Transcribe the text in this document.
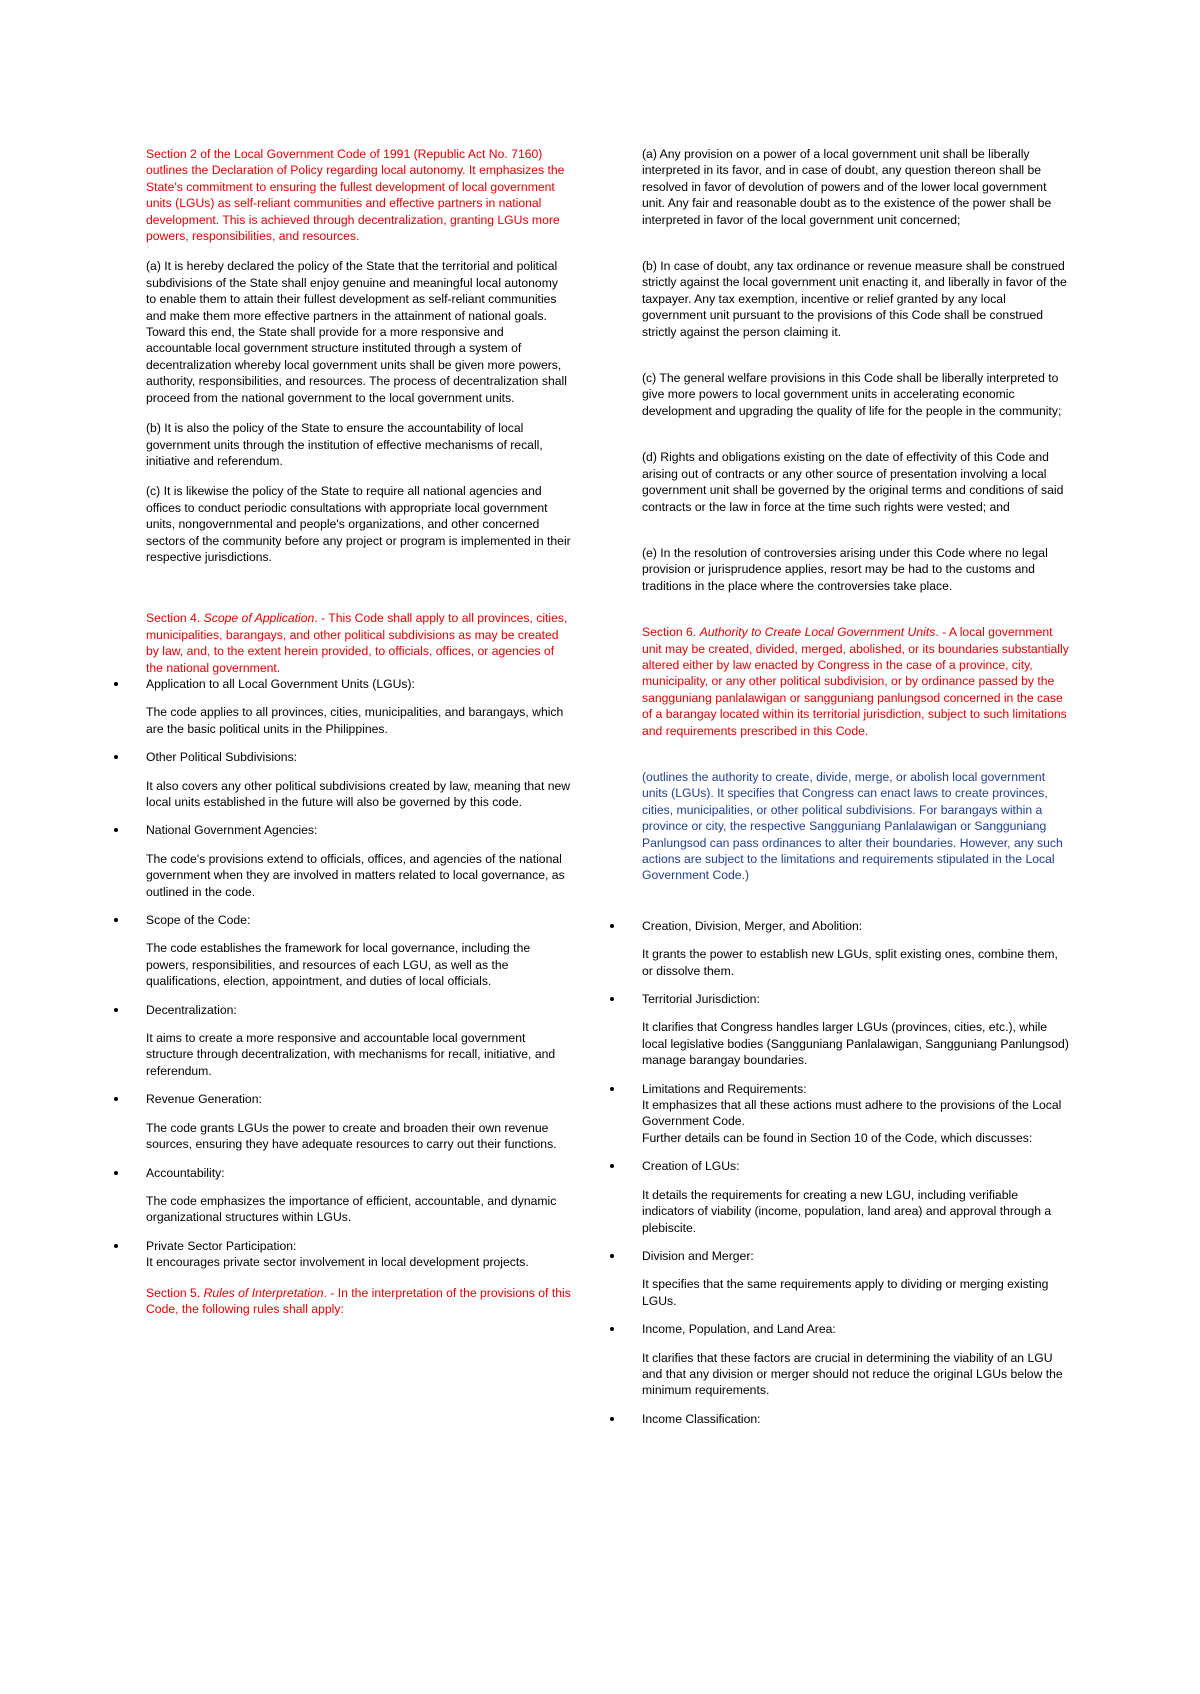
Section 2 of the Local Government Code of 1991 (Republic Act No. 7160) outlines the Declaration of Policy regarding local autonomy. It emphasizes the State's commitment to ensuring the fullest development of local government units (LGUs) as self-reliant communities and effective partners in national development. This is achieved through decentralization, granting LGUs more powers, responsibilities, and resources.

(a) It is hereby declared the policy of the State that the territorial and political subdivisions of the State shall enjoy genuine and meaningful local autonomy to enable them to attain their fullest development as self-reliant communities and make them more effective partners in the attainment of national goals. Toward this end, the State shall provide for a more responsive and accountable local government structure instituted through a system of decentralization whereby local government units shall be given more powers, authority, responsibilities, and resources. The process of decentralization shall proceed from the national government to the local government units.

(b) It is also the policy of the State to ensure the accountability of local government units through the institution of effective mechanisms of recall, initiative and referendum.

(c) It is likewise the policy of the State to require all national agencies and offices to conduct periodic consultations with appropriate local government units, nongovernmental and people's organizations, and other concerned sectors of the community before any project or program is implemented in their respective jurisdictions.

Section 4. Scope of Application. - This Code shall apply to all provinces, cities, municipalities, barangays, and other political subdivisions as may be created by law, and, to the extent herein provided, to officials, offices, or agencies of the national government.

Application to all Local Government Units (LGUs):
The code applies to all provinces, cities, municipalities, and barangays, which are the basic political units in the Philippines.
Other Political Subdivisions:
It also covers any other political subdivisions created by law, meaning that new local units established in the future will also be governed by this code.
National Government Agencies:
The code's provisions extend to officials, offices, and agencies of the national government when they are involved in matters related to local governance, as outlined in the code.
Scope of the Code:
The code establishes the framework for local governance, including the powers, responsibilities, and resources of each LGU, as well as the qualifications, election, appointment, and duties of local officials.
Decentralization:
It aims to create a more responsive and accountable local government structure through decentralization, with mechanisms for recall, initiative, and referendum.
Revenue Generation:
The code grants LGUs the power to create and broaden their own revenue sources, ensuring they have adequate resources to carry out their functions.
Accountability:
The code emphasizes the importance of efficient, accountable, and dynamic organizational structures within LGUs.
Private Sector Participation:
It encourages private sector involvement in local development projects.

Section 5. Rules of Interpretation. - In the interpretation of the provisions of this Code, the following rules shall apply:

(a) Any provision on a power of a local government unit shall be liberally interpreted in its favor, and in case of doubt, any question thereon shall be resolved in favor of devolution of powers and of the lower local government unit. Any fair and reasonable doubt as to the existence of the power shall be interpreted in favor of the local government unit concerned;

(b) In case of doubt, any tax ordinance or revenue measure shall be construed strictly against the local government unit enacting it, and liberally in favor of the taxpayer. Any tax exemption, incentive or relief granted by any local government unit pursuant to the provisions of this Code shall be construed strictly against the person claiming it.

(c) The general welfare provisions in this Code shall be liberally interpreted to give more powers to local government units in accelerating economic development and upgrading the quality of life for the people in the community;

(d) Rights and obligations existing on the date of effectivity of this Code and arising out of contracts or any other source of presentation involving a local government unit shall be governed by the original terms and conditions of said contracts or the law in force at the time such rights were vested; and

(e) In the resolution of controversies arising under this Code where no legal provision or jurisprudence applies, resort may be had to the customs and traditions in the place where the controversies take place.

Section 6. Authority to Create Local Government Units. - A local government unit may be created, divided, merged, abolished, or its boundaries substantially altered either by law enacted by Congress in the case of a province, city, municipality, or any other political subdivision, or by ordinance passed by the sangguniang panlalawigan or sangguniang panlungsod concerned in the case of a barangay located within its territorial jurisdiction, subject to such limitations and requirements prescribed in this Code.

(outlines the authority to create, divide, merge, or abolish local government units (LGUs). It specifies that Congress can enact laws to create provinces, cities, municipalities, or other political subdivisions. For barangays within a province or city, the respective Sangguniang Panlalawigan or Sangguniang Panlungsod can pass ordinances to alter their boundaries. However, any such actions are subject to the limitations and requirements stipulated in the Local Government Code.)

Creation, Division, Merger, and Abolition:
It grants the power to establish new LGUs, split existing ones, combine them, or dissolve them.
Territorial Jurisdiction:
It clarifies that Congress handles larger LGUs (provinces, cities, etc.), while local legislative bodies (Sangguniang Panlalawigan, Sangguniang Panlungsod) manage barangay boundaries.
Limitations and Requirements:
It emphasizes that all these actions must adhere to the provisions of the Local Government Code.
Further details can be found in Section 10 of the Code, which discusses:
Creation of LGUs:
It details the requirements for creating a new LGU, including verifiable indicators of viability (income, population, land area) and approval through a plebiscite.
Division and Merger:
It specifies that the same requirements apply to dividing or merging existing LGUs.
Income, Population, and Land Area:
It clarifies that these factors are crucial in determining the viability of an LGU and that any division or merger should not reduce the original LGUs below the minimum requirements.
Income Classification:
